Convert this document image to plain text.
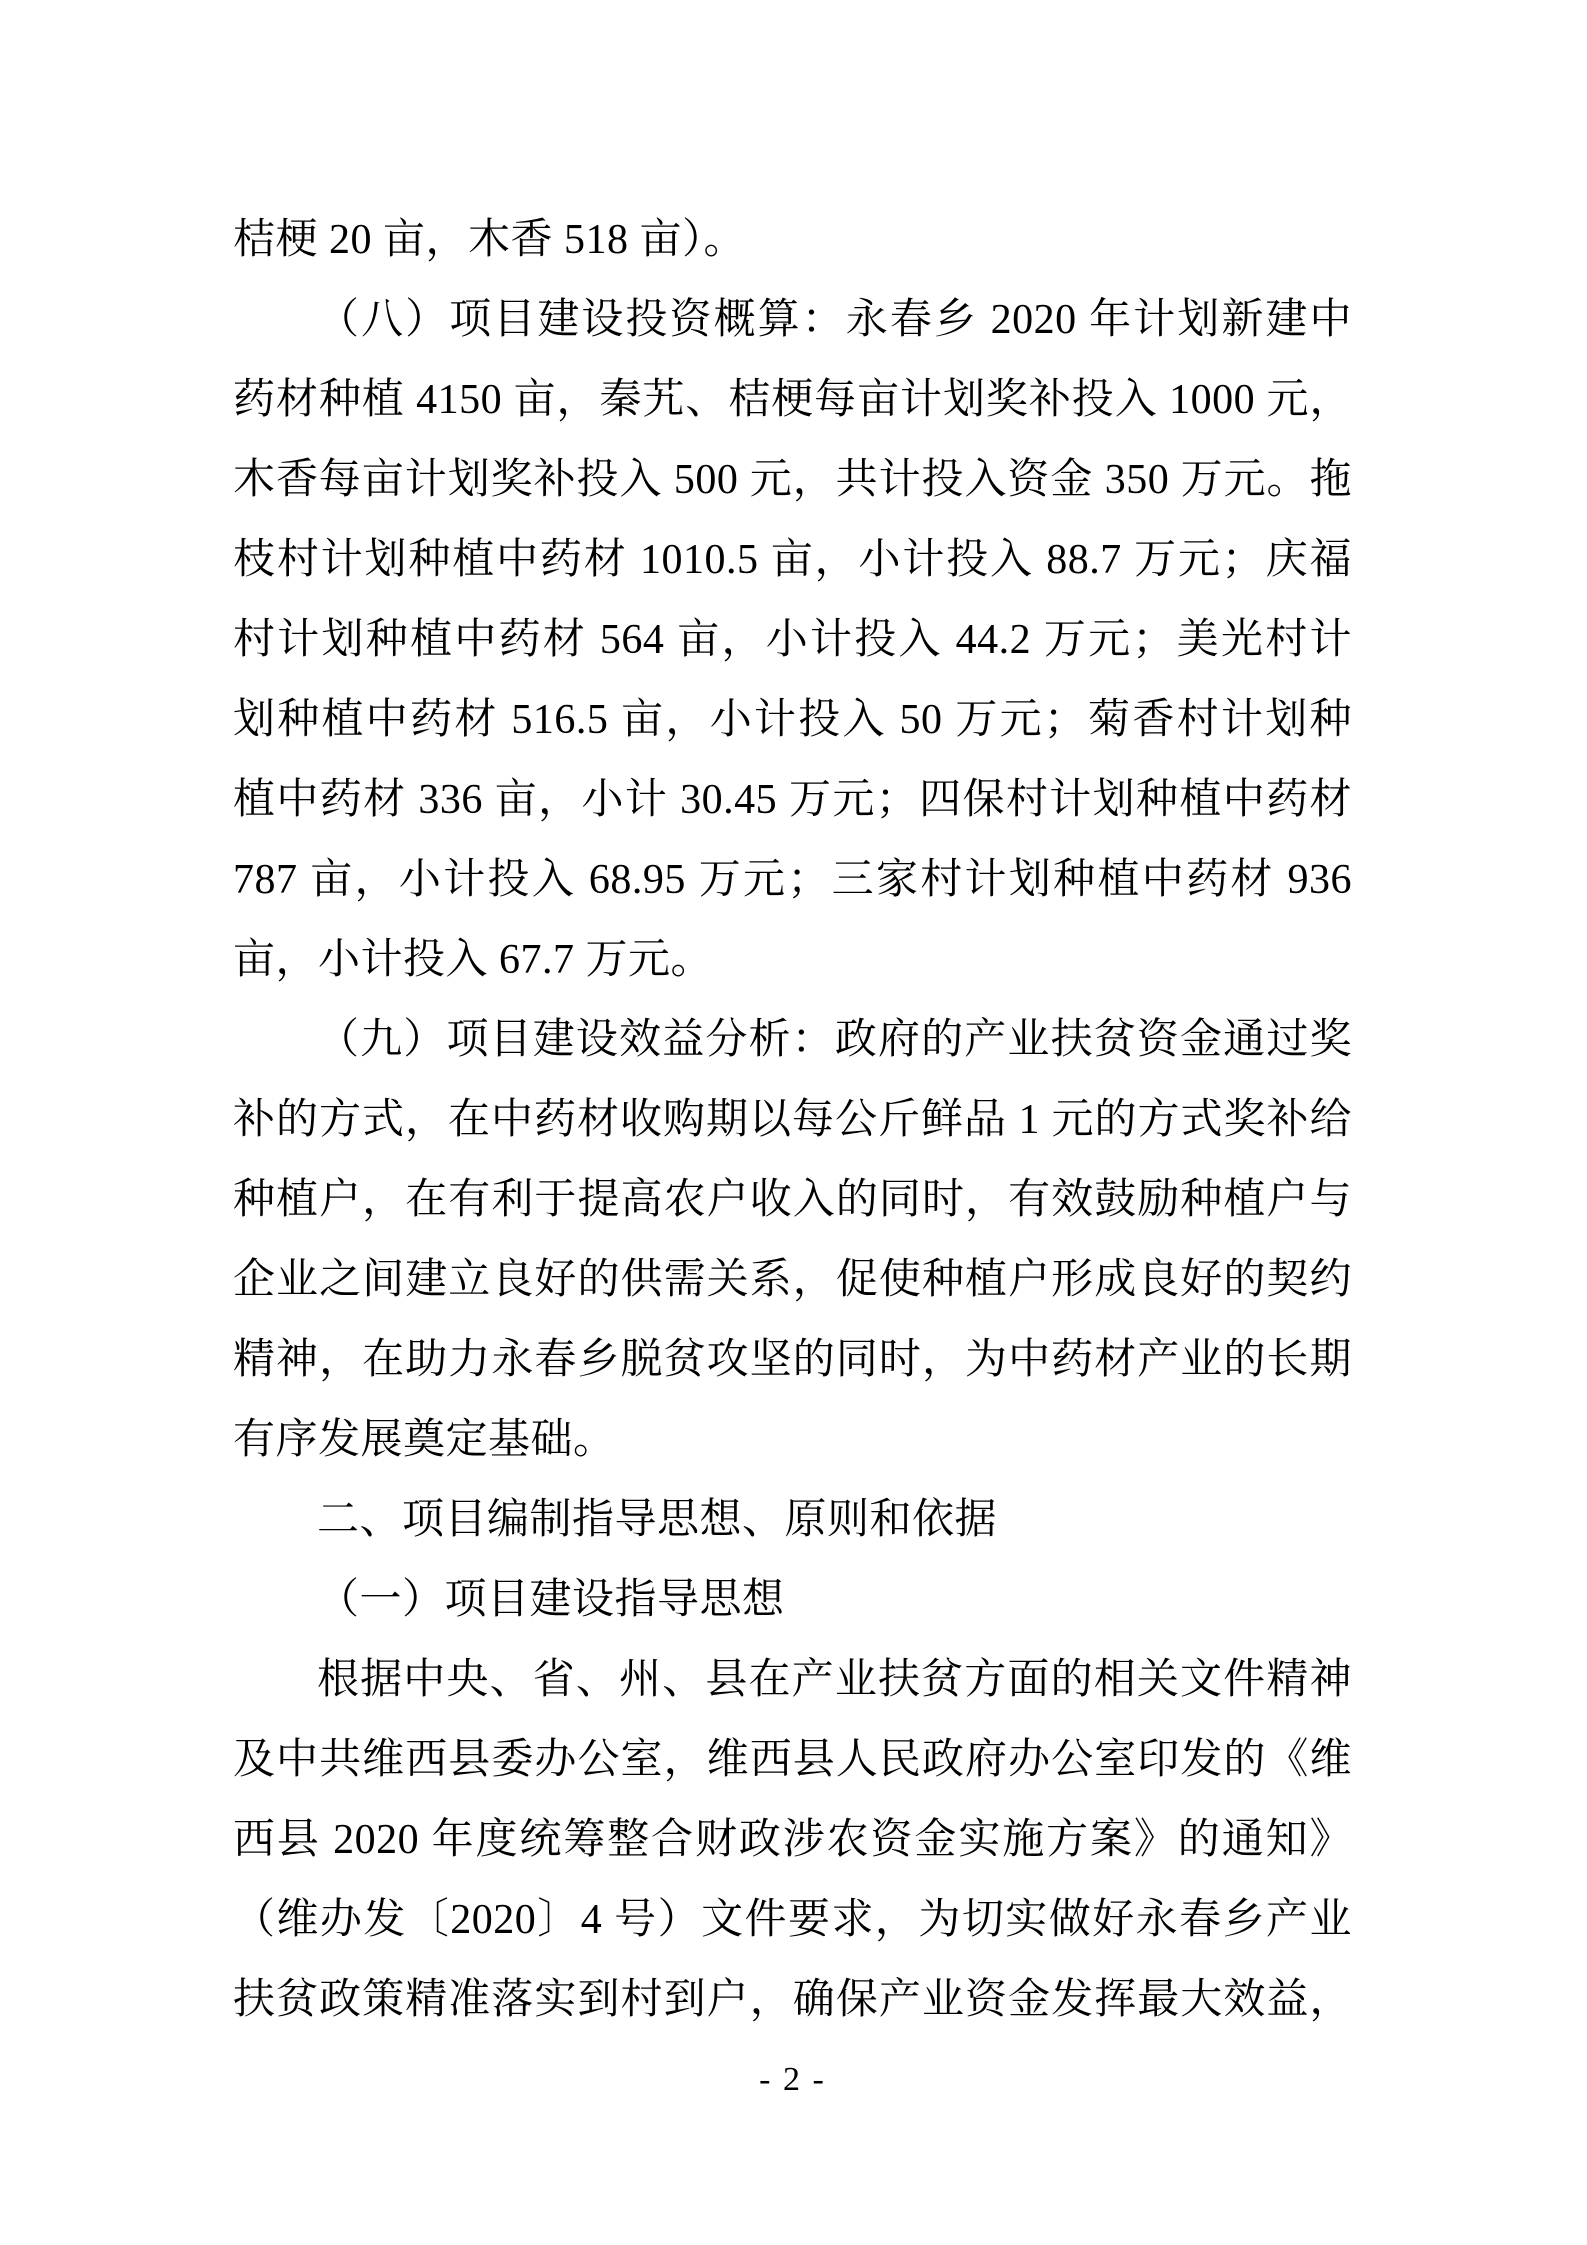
桔梗 20 亩，木香 518 亩）。
（八）项目建设投资概算：永春乡 2020 年计划新建中
药材种植 4150 亩，秦艽、桔梗每亩计划奖补投入 1000 元，
木香每亩计划奖补投入 500 元，共计投入资金 350 万元。拖
枝村计划种植中药材 1010.5 亩，小计投入 88.7 万元；庆福
村计划种植中药材 564 亩，小计投入 44.2 万元；美光村计
划种植中药材 516.5 亩，小计投入 50 万元；菊香村计划种
植中药材 336 亩，小计 30.45 万元；四保村计划种植中药材
787 亩，小计投入 68.95 万元；三家村计划种植中药材 936
亩，小计投入 67.7 万元。
（九）项目建设效益分析：政府的产业扶贫资金通过奖
补的方式，在中药材收购期以每公斤鲜品 1 元的方式奖补给
种植户，在有利于提高农户收入的同时，有效鼓励种植户与
企业之间建立良好的供需关系，促使种植户形成良好的契约
精神，在助力永春乡脱贫攻坚的同时，为中药材产业的长期
有序发展奠定基础。
二、项目编制指导思想、原则和依据
（一）项目建设指导思想
根据中央、省、州、县在产业扶贫方面的相关文件精神
及中共维西县委办公室，维西县人民政府办公室印发的《维
西县 2020 年度统筹整合财政涉农资金实施方案》的通知》
（维办发〔2020〕4 号）文件要求，为切实做好永春乡产业
扶贫政策精准落实到村到户，确保产业资金发挥最大效益，
- 2 -
